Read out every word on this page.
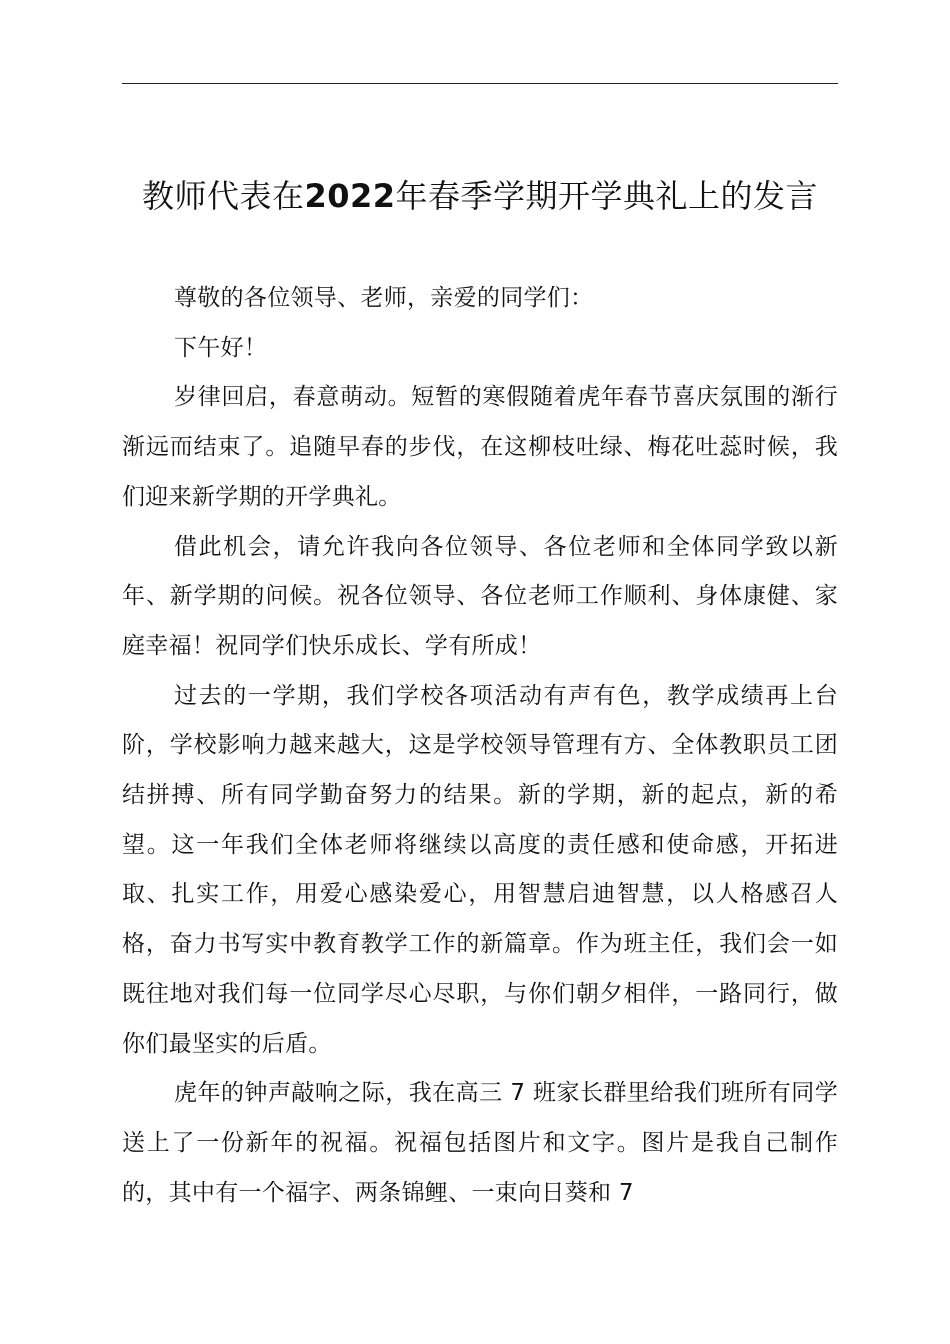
教师代表在2022年春季学期开学典礼上的发言

尊敬的各位领导、老师，亲爱的同学们：

下午好！

岁律回启，春意萌动。短暂的寒假随着虎年春节喜庆氛围的渐行渐远而结束了。追随早春的步伐，在这柳枝吐绿、梅花吐蕊时候，我们迎来新学期的开学典礼。

借此机会，请允许我向各位领导、各位老师和全体同学致以新年、新学期的问候。祝各位领导、各位老师工作顺利、身体康健、家庭幸福！祝同学们快乐成长、学有所成！

过去的一学期，我们学校各项活动有声有色，教学成绩再上台阶，学校影响力越来越大，这是学校领导管理有方、全体教职员工团结拼搏、所有同学勤奋努力的结果。新的学期，新的起点，新的希望。这一年我们全体老师将继续以高度的责任感和使命感，开拓进取、扎实工作，用爱心感染爱心，用智慧启迪智慧，以人格感召人格，奋力书写实中教育教学工作的新篇章。作为班主任，我们会一如既往地对我们每一位同学尽心尽职，与你们朝夕相伴，一路同行，做你们最坚实的后盾。

虎年的钟声敲响之际，我在高三 7 班家长群里给我们班所有同学送上了一份新年的祝福。祝福包括图片和文字。图片是我自己制作的，其中有一个福字、两条锦鲤、一束向日葵和 7
